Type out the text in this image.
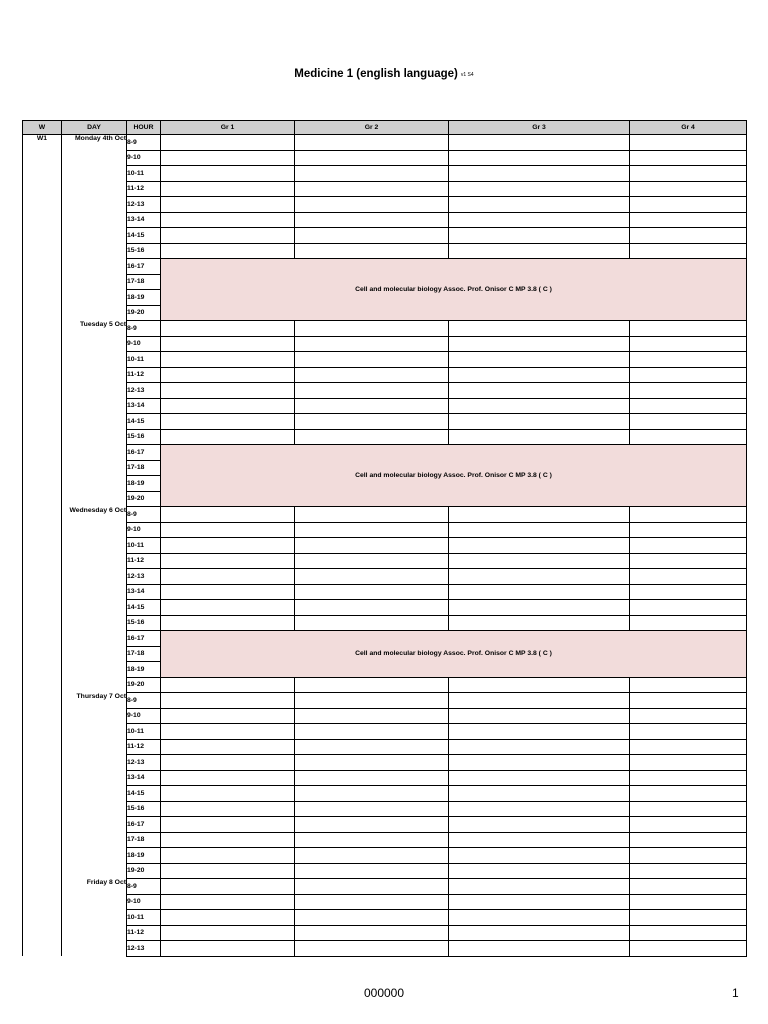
Medicine 1 (english language) $^{v1 S4}$
W	DAY	HOUR	Gr 1	Gr 2	Gr 3	Gr 4
W1	Monday 4th Oct	8-9				
		9-10				
		10-11				
		11-12				
		12-13				
		13-14				
		14-15				
		15-16				
		16-17	Cell and molecular biology Assoc. Prof. Onisor C MP 3.8 ( C )			
		17-18				
		18-19				
		19-20				
	Tuesday 5 Oct	8-9				
		9-10				
		10-11				
		11-12				
		12-13				
		13-14				
		14-15				
		15-16				
		16-17	Cell and molecular biology Assoc. Prof. Onisor C MP 3.8 ( C )			
		17-18				
		18-19				
		19-20				
	Wednesday 6 Oct	8-9				
		9-10				
		10-11				
		11-12				
		12-13				
		13-14				
		14-15				
		15-16				
		16-17	Cell and molecular biology Assoc. Prof. Onisor C MP 3.8 ( C )			
		17-18				
		18-19				
		19-20				
	Thursday 7 Oct	8-9				
		9-10				
		10-11				
		11-12				
		12-13				
		13-14				
		14-15				
		15-16				
		16-17				
		17-18				
		18-19				
		19-20				
	Friday 8 Oct	8-9				
		9-10				
		10-11				
		11-12				
		12-13				
000000	1
